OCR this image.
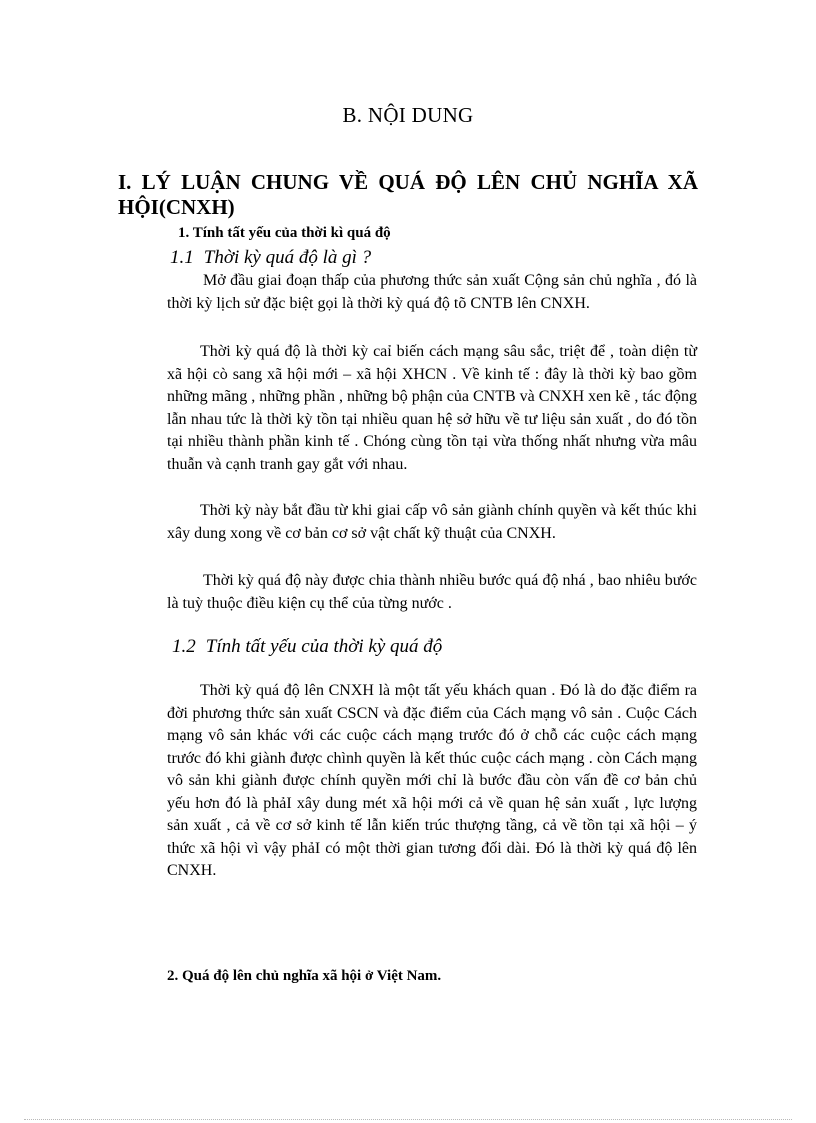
B. NỘI DUNG
I. LÝ LUẬN CHUNG VỀ QUÁ ĐỘ LÊN CHỦ NGHĨA XÃ HỘI(CNXH)
1. Tính tất yếu của thời kì quá độ
1.1 Thời kỳ quá độ là gì ?

Mở đầu giai đoạn thấp của phương thức sản xuất Cộng sản chủ nghĩa , đó là thời kỳ lịch sử đặc biệt gọi là thời kỳ quá độ tõ CNTB lên CNXH.

Thời kỳ quá độ là thời kỳ caỉ biến cách mạng sâu sắc, triệt để , toàn diện từ xã hội cò sang xã hội mới – xã hội XHCN . Về kinh tế : đây là thời kỳ bao gồm những mãng , những phần , những bộ phận của CNTB và CNXH xen kẽ , tác động lẫn nhau tức là thời kỳ tồn tại nhiều quan hệ sở hữu về tư liệu sản xuất , do đó tồn tại nhiều thành phần kinh tế . Chóng cùng tồn tại vừa thống nhất nhưng vừa mâu thuẫn và cạnh tranh gay gắt với nhau.

Thời kỳ này bắt đầu từ khi giai cấp vô sản giành chính quyền và kết thúc khi xây dung xong về cơ bản cơ sở vật chất kỹ thuật của CNXH.

Thời kỳ quá độ này được chia thành nhiều bước quá độ nhá , bao nhiêu bước là tuỳ thuộc điều kiện cụ thể của từng nước .

1.2 Tính tất yếu của thời kỳ quá độ

Thời kỳ quá độ lên CNXH là một tất yếu khách quan . Đó là do đặc điểm ra đời phương thức sản xuất CSCN và đặc điểm của Cách mạng vô sản . Cuộc Cách mạng vô sản khác với các cuộc cách mạng trước đó ở chỗ các cuộc cách mạng trước đó khi giành được chình quyền là kết thúc cuộc cách mạng . còn Cách mạng vô sản khi giành được chính quyền mới chỉ là bước đầu còn vấn đề cơ bản chủ yếu hơn đó là phảI xây dung mét xã hội mới cả về quan hệ sản xuất , lực lượng sản xuất , cả về cơ sở kinh tế lẫn kiến trúc thượng tầng, cả về tồn tại xã hội – ý thức xã hội vì vậy phảI có một thời gian tương đối dài. Đó là thời kỳ quá độ lên CNXH.

2. Quá độ lên chủ nghĩa xã hội ở Việt Nam.
